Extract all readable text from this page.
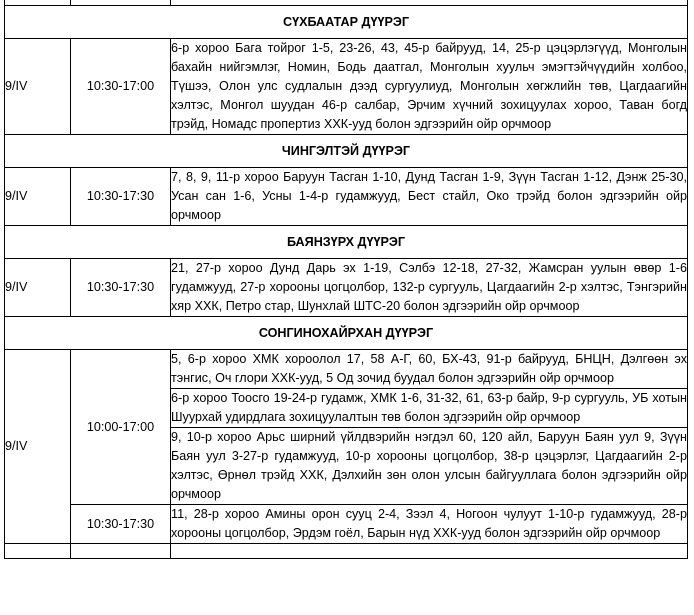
СҮХБААТАР ДҮҮРЭГ		
9/IV	10:30-17:00	6-р хороо Бага тойрог 1-5, 23-26, 43, 45-р байрууд, 14, 25-р цэцэрлэгүүд, Монголын бахайн нийгэмлэг, Номин, Бодь даатгал, Монголын хуульч эмэгтэйчүүдийн холбоо, Түшээ, Олон улс судлалын дээд сургуулиуд, Монголын хөгжлийн төв, Цагдаагийн хэлтэс, Монгол шуудан 46-р салбар, Эрчим хүчний зохицуулах хороо, Таван богд трэйд, Номадс пропертиз ХХК-ууд болон эдгээрийн ойр орчмоор
ЧИНГЭЛТЭЙ ДҮҮРЭГ		
9/IV	10:30-17:30	7, 8, 9, 11-р хороо Баруун Тасган 1-10, Дунд Тасган 1-9, Зүүн Тасган 1-12, Дэнж 25-30, Усан сан 1-6, Усны 1-4-р гудамжууд, Бест стайл, Око трэйд болон эдгээрийн ойр орчмоор
БАЯНЗҮРХ ДҮҮРЭГ		
9/IV	10:30-17:30	21, 27-р хороо Дунд Дарь эх 1-19, Сэлбэ 12-18, 27-32, Жамсран уулын өвөр 1-6 гудамжууд, 27-р хорооны цогцолбор, 132-р сургууль, Цагдаагийн 2-р хэлтэс, Тэнгэрийн хяр ХХК, Петро стар, Шунхлай ШТС-20 болон эдгээрийн ойр орчмоор
СОНГИНОХАЙРХАН ДҮҮРЭГ		
9/IV	10:00-17:00	5, 6-р хороо ХМК хороолол 17, 58 А-Г, 60, БХ-43, 91-р байрууд, БНЦН, Дэлгөөн эх тэнгис, Оч глори ХХК-ууд, 5 Од зочид буудал болон эдгээрийн ойр орчмоор
		6-р хороо Тоосго 19-24-р гудамж, ХМК 1-6, 31-32, 61, 63-р байр, 9-р сургууль, УБ хотын Шуурхай удирдлага зохицуулалтын төв болон эдгээрийн ойр орчмоор
		9, 10-р хороо Арьс ширний үйлдвэрийн нэгдэл 60, 120 айл, Баруун Баян уул 9, Зүүн Баян уул 3-27-р гудамжууд, 10-р хорооны цогцолбор, 38-р цэцэрлэг, Цагдаагийн 2-р хэлтэс, Өрнөл трэйд ХХК, Дэлхийн зөн олон улсын байгууллага болон эдгээрийн ойр орчмоор
	10:30-17:30	11, 28-р хороо Амины орон сууц 2-4, Зээл 4, Ногоон чулуут 1-10-р гудамжууд, 28-р хорооны цогцолбор, Эрдэм гоёл, Барын нүд ХХК-ууд болон эдгээрийн ойр орчмоор
